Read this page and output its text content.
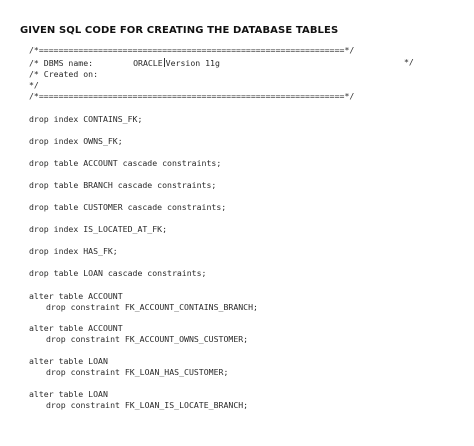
GIVEN SQL CODE FOR CREATING THE DATABASE TABLES
/*==============================================================*/
/* DBMS name:	ORACLE Version 11g	*/
/* Created on:
*/
/*==============================================================*/
drop index CONTAINS_FK;
drop index OWNS_FK;
drop table ACCOUNT cascade constraints;
drop table BRANCH cascade constraints;
drop table CUSTOMER cascade constraints;
drop index IS_LOCATED_AT_FK;
drop index HAS_FK;
drop table LOAN cascade constraints;
alter table ACCOUNT
drop constraint FK_ACCOUNT_CONTAINS_BRANCH;
alter table ACCOUNT
drop constraint FK_ACCOUNT_OWNS_CUSTOMER;
alter table LOAN
drop constraint FK_LOAN_HAS_CUSTOMER;
alter table LOAN
drop constraint FK_LOAN_IS_LOCATE_BRANCH;
